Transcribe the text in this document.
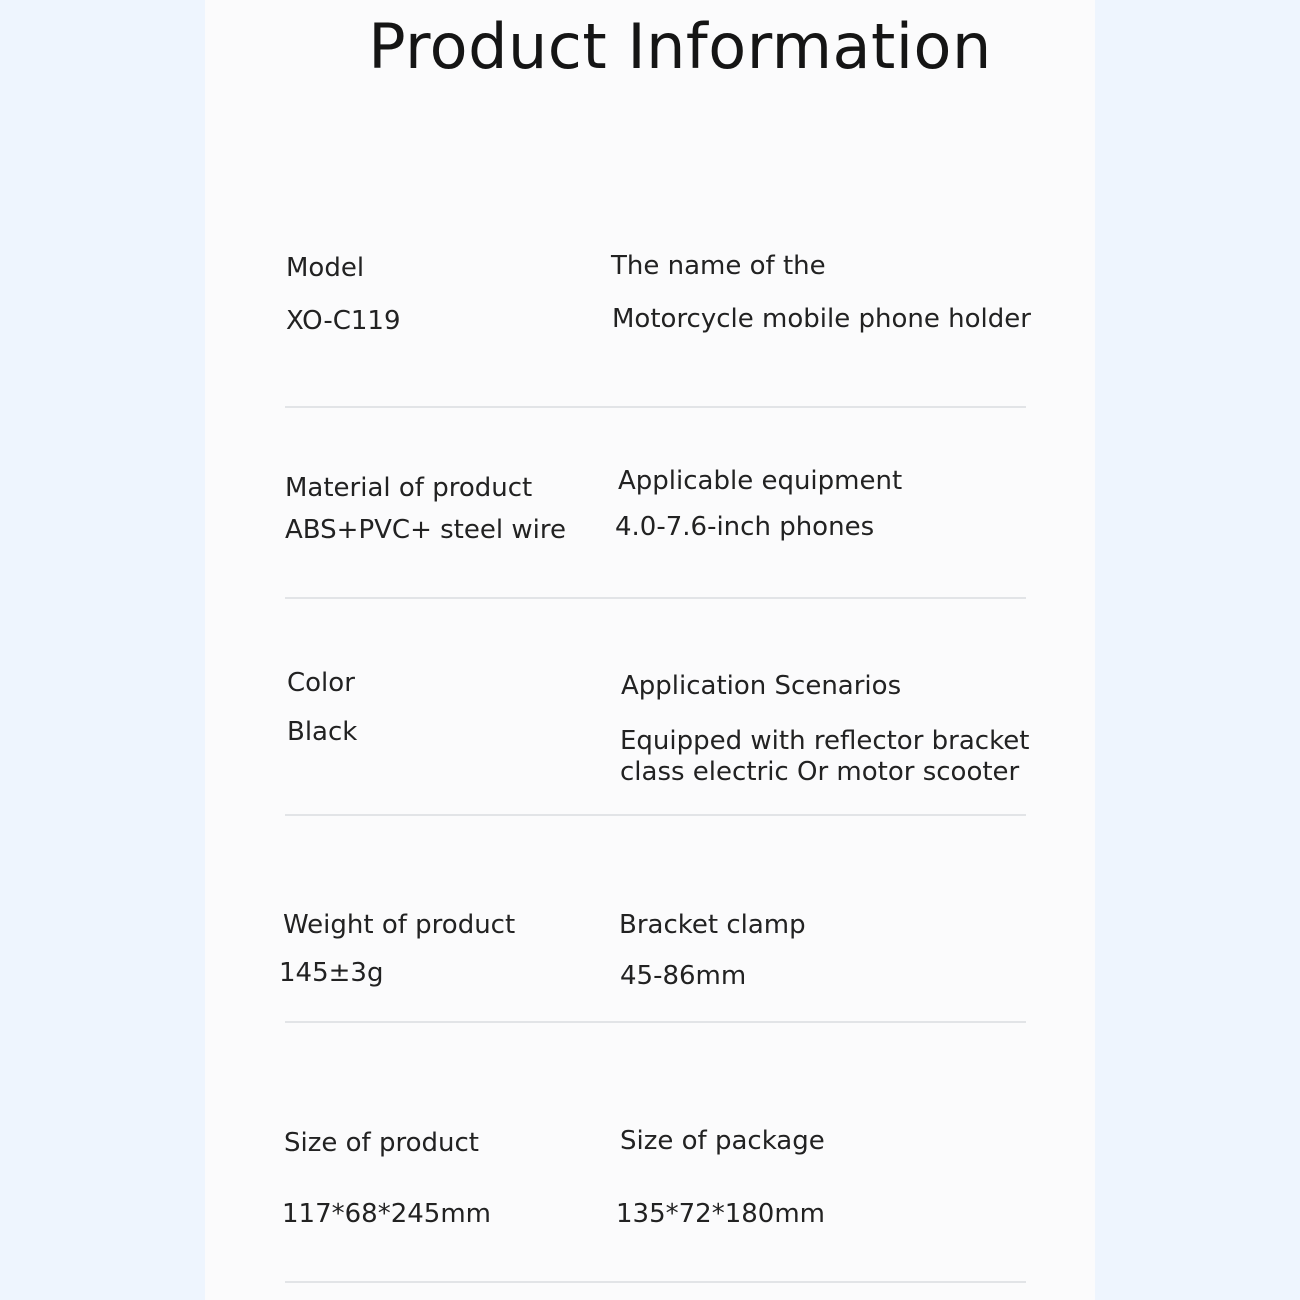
Product Information
Model
XO-C119
The name of the
Motorcycle mobile phone holder
Material of product
ABS+PVC+ steel wire
Applicable equipment
4.0-7.6-inch phones
Color
Black
Application Scenarios
Equipped with reflector bracket
class electric Or motor scooter
Weight of product
145±3g
Bracket clamp
45-86mm
Size of product
117*68*245mm
Size of package
135*72*180mm
